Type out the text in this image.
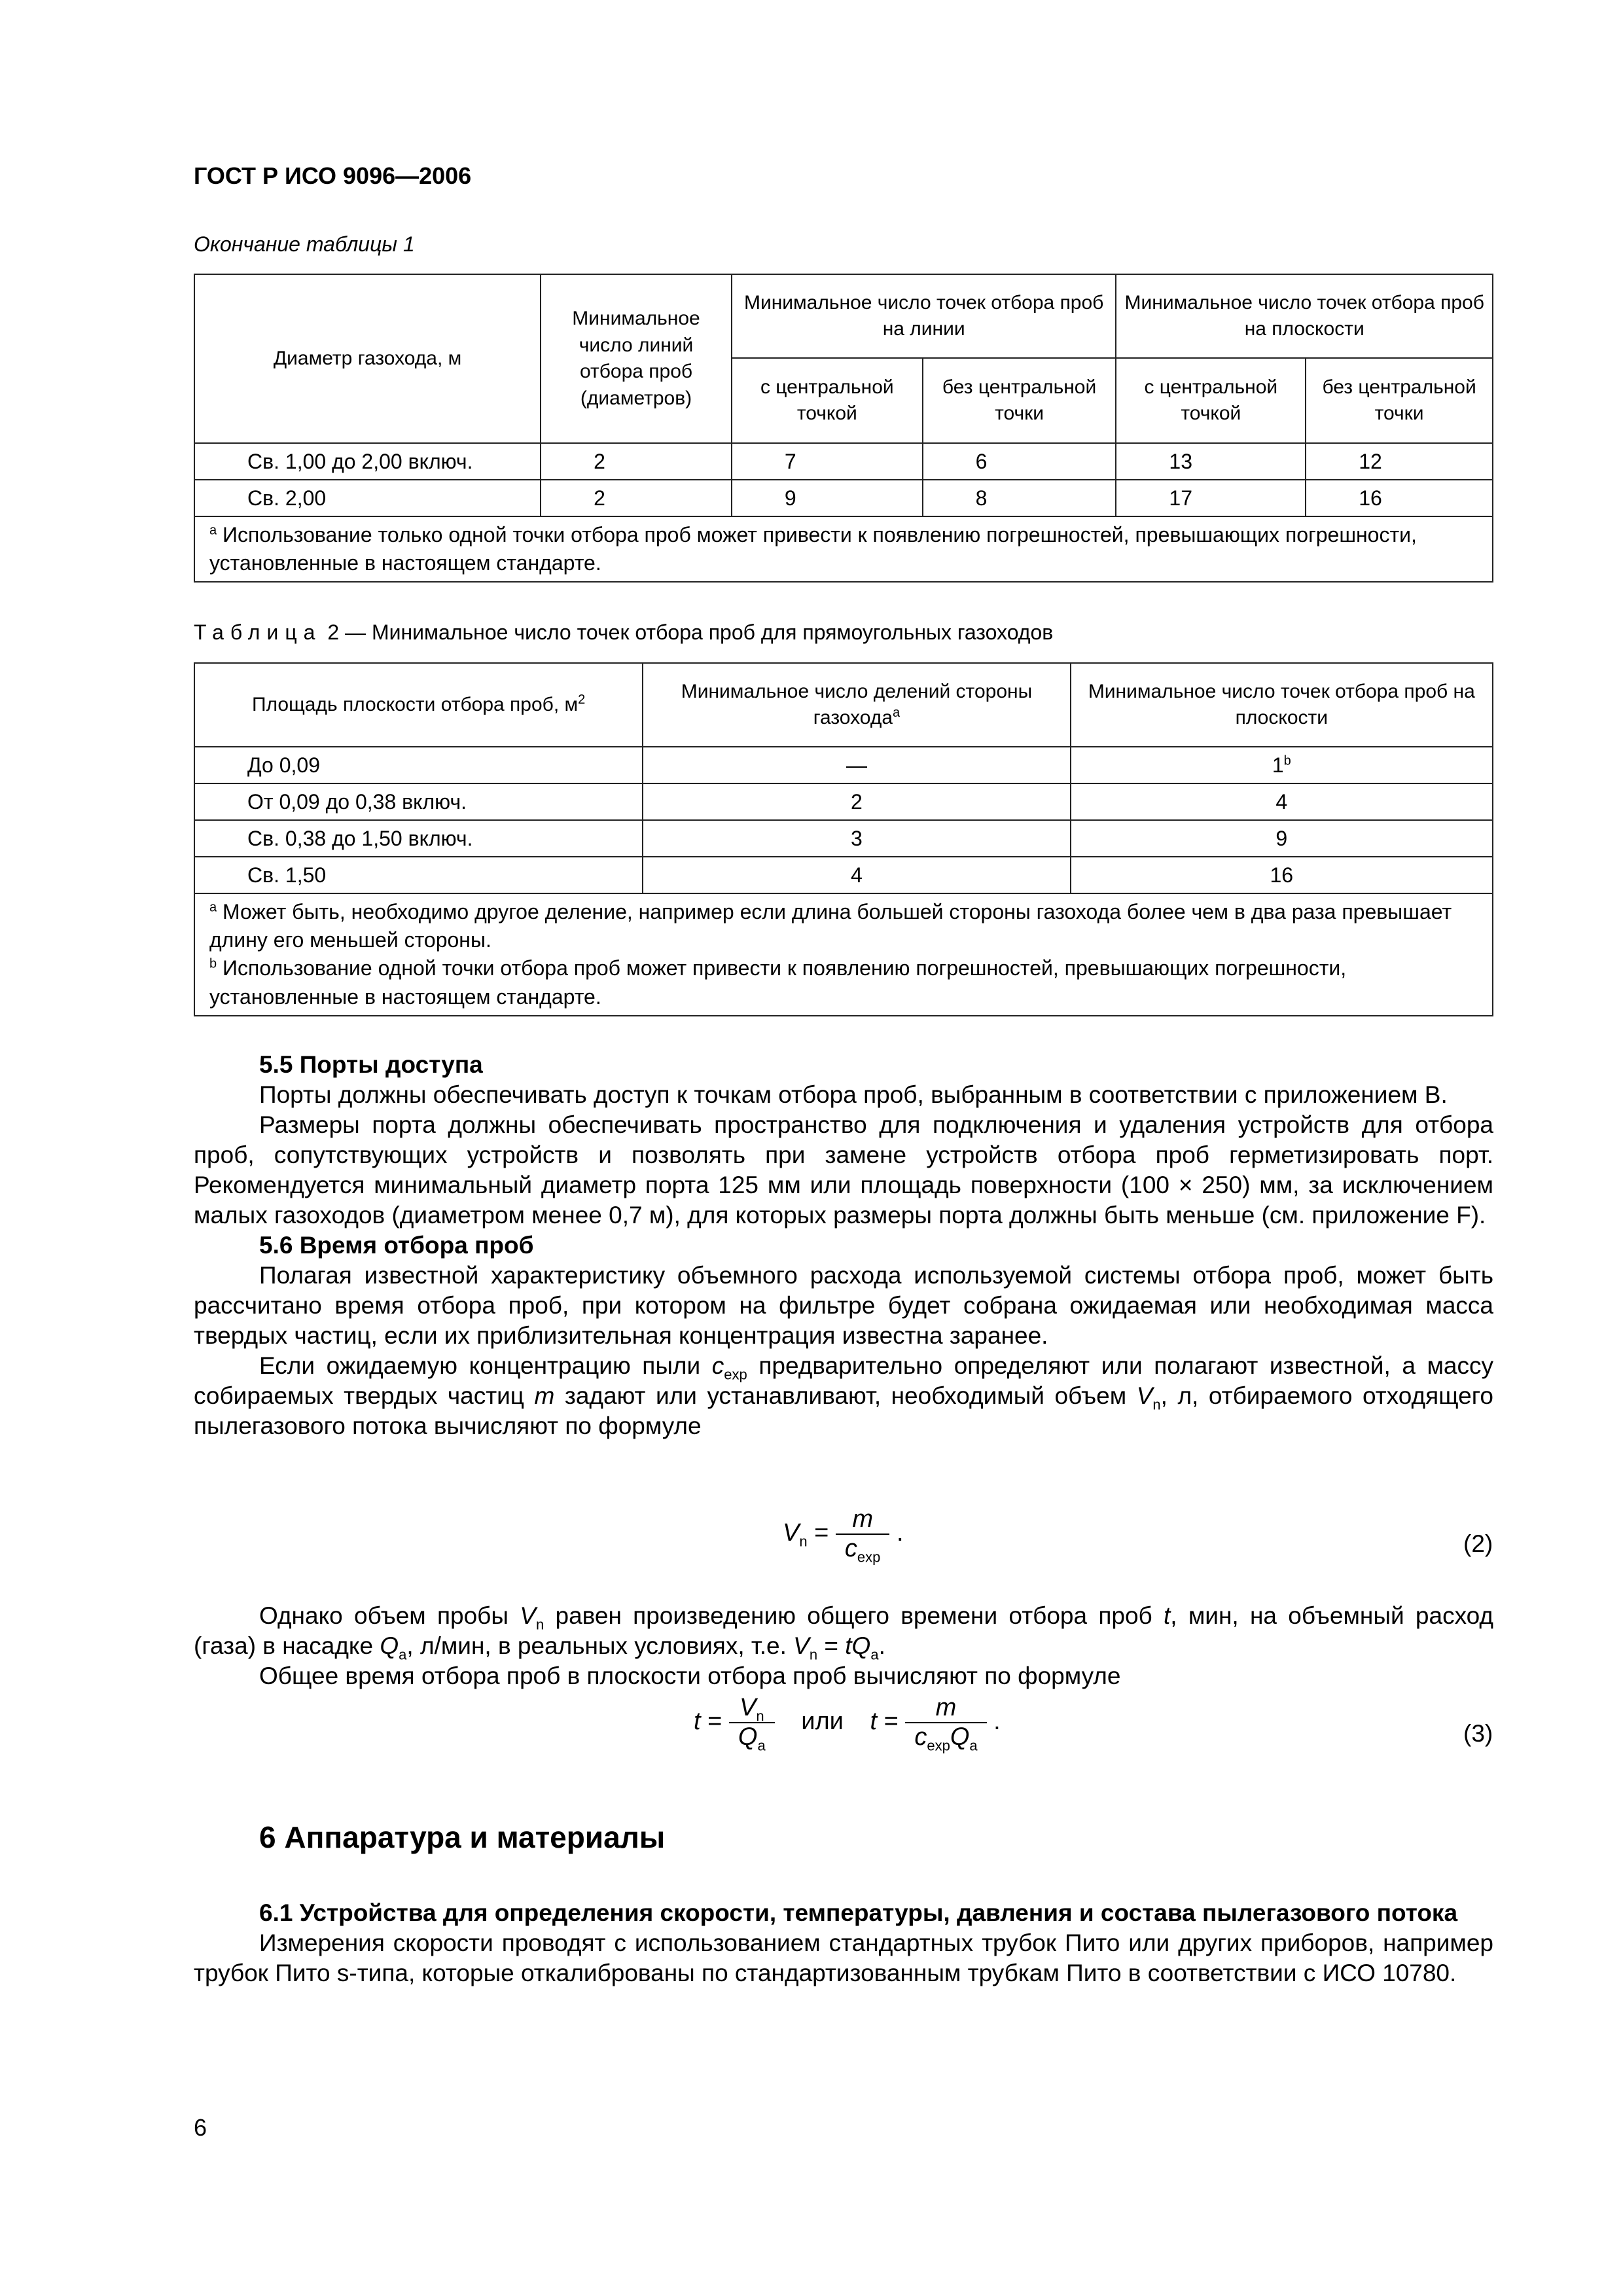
ГОСТ Р ИСО 9096—2006
Окончание таблицы 1
Диаметр газохода, м	Минимальное число линий отбора проб (диаметров)	Минимальное число точек отбора проб на линии		Минимальное число точек отбора проб на плоскости	
		с центральной точкой	без центральной точки	с центральной точкой	без центральной точки
Св. 1,00 до 2,00 включ.	2	7	6	13	12
Св. 2,00	2	9	8	17	16
$^a$ Использование только одной точки отбора проб может привести к появлению погрешностей, превышающих погрешности, установленные в настоящем стандарте.					
Таблица 2 — Минимальное число точек отбора проб для прямоугольных газоходов
Площадь плоскости отбора проб, $м^2$	Минимальное число делений стороны газохода$^a$	Минимальное число точек отбора проб на плоскости
До 0,09	—	1$^b$
От 0,09 до 0,38 включ.	2	4
Св. 0,38 до 1,50 включ.	3	9
Св. 1,50	4	16

$^a$ Может быть, необходимо другое деление, например если длина большей стороны газохода более чем в два раза превышает длину его меньшей стороны.
$^b$ Использование одной точки отбора проб может привести к появлению погрешностей, превышающих погрешности, установленные в настоящем стандарте.		

5.5 Порты доступа

Порты должны обеспечивать доступ к точкам отбора проб, выбранным в соответствии с приложением B.

Размеры порта должны обеспечивать пространство для подключения и удаления устройств для отбора проб, сопутствующих устройств и позволять при замене устройств отбора проб герметизировать порт. Рекомендуется минимальный диаметр порта 125 мм или площадь поверхности (100 × 250) мм, за исключением малых газоходов (диаметром менее 0,7 м), для которых размеры порта должны быть меньше (см. приложение F).

5.6 Время отбора проб

Полагая известной характеристику объемного расхода используемой системы отбора проб, может быть рассчитано время отбора проб, при котором на фильтре будет собрана ожидаемая или необходимая масса твердых частиц, если их приблизительная концентрация известна заранее.

Если ожидаемую концентрацию пыли $c_{exp}$ предварительно определяют или полагают известной, а массу собираемых твердых частиц m задают или устанавливают, необходимый объем $V_n$, л, отбираемого отходящего пылегазового потока вычисляют по формуле

$V_n = \frac{m}{c_{exp}}$ .	(2)

Однако объем пробы $V_n$ равен произведению общего времени отбора проб t, мин, на объемный расход (газа) в насадке $Q_a$, л/мин, в реальных условиях, т.е. $V_n = tQ_a$.

Общее время отбора проб в плоскости отбора проб вычисляют по формуле

$t = \frac{V_n}{Q_a}$ или $t = \frac{m}{c_{exp}Q_a}$ .	(3)
6 Аппаратура и материалы

6.1 Устройства для определения скорости, температуры, давления и состава пылегазового потока

Измерения скорости проводят с использованием стандартных трубок Пито или других приборов, например трубок Пито s-типа, которые откалиброваны по стандартизованным трубкам Пито в соответствии с ИСО 10780.

6
